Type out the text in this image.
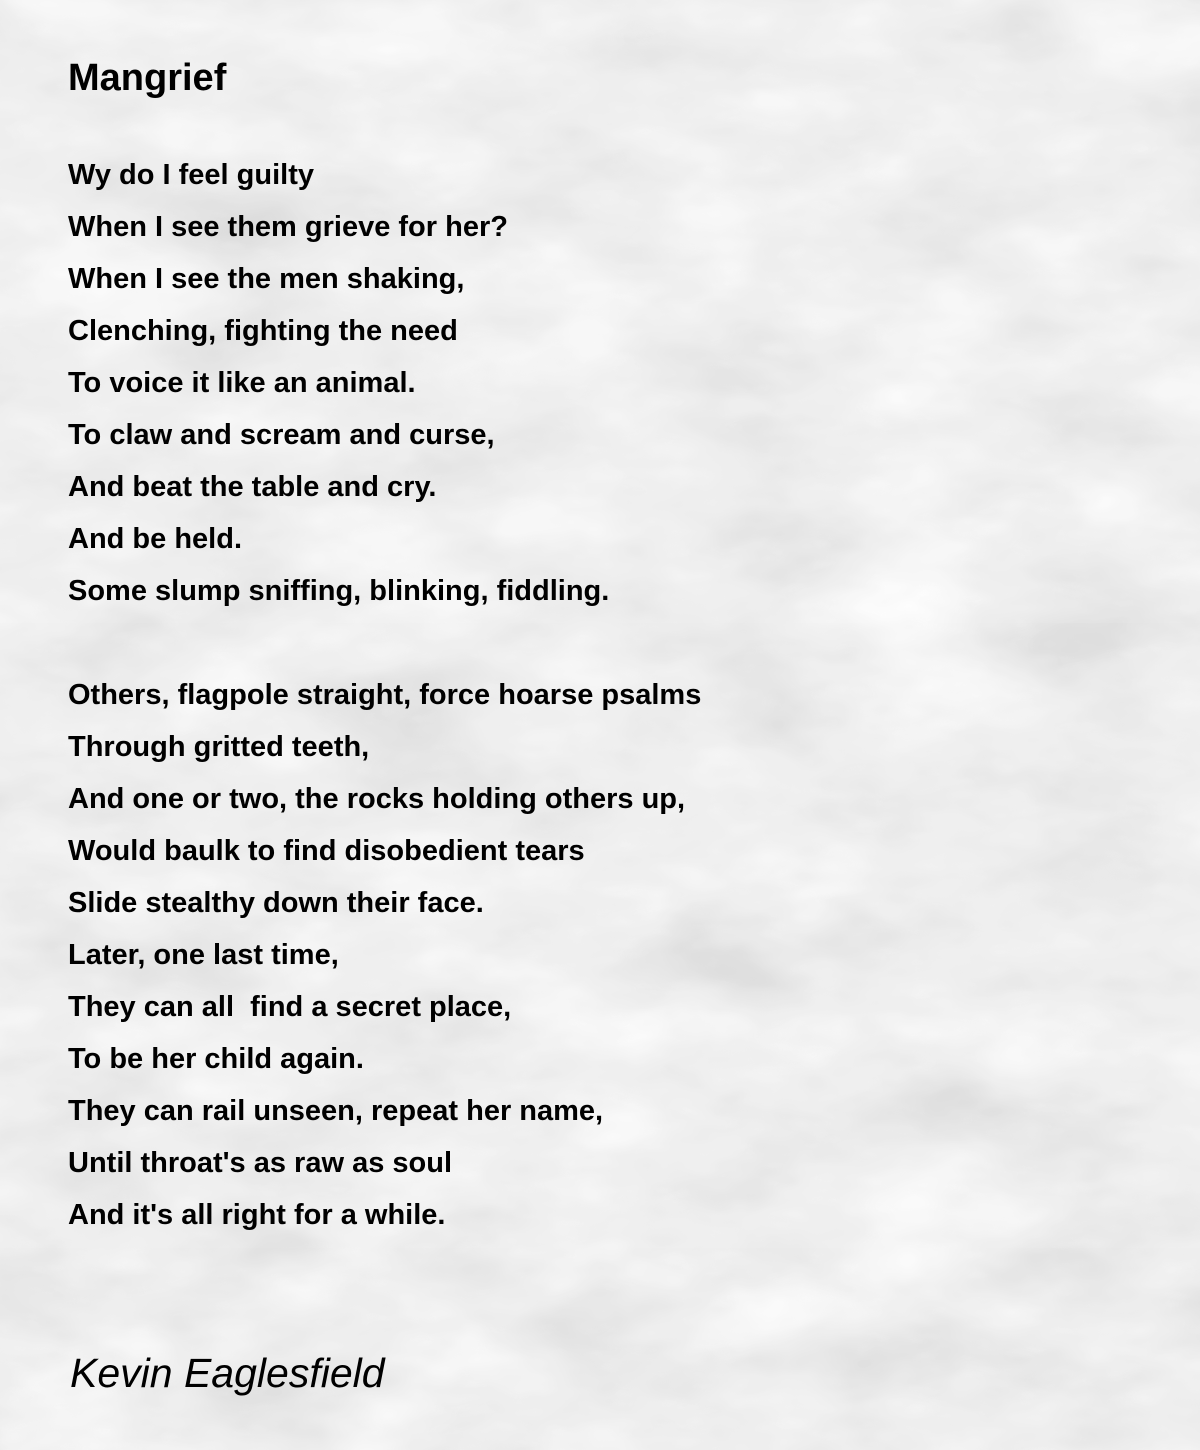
Mangrief
Wy do I feel guilty
When I see them grieve for her?
When I see the men shaking,
Clenching, fighting the need
To voice it like an animal.
To claw and scream and curse,
And beat the table and cry.
And be held.
Some slump sniffing, blinking, fiddling.
Others, flagpole straight, force hoarse psalms
Through gritted teeth,
And one or two, the rocks holding others up,
Would baulk to find disobedient tears
Slide stealthy down their face.
Later, one last time,
They can all  find a secret place,
To be her child again.
They can rail unseen, repeat her name,
Until throat's as raw as soul
And it's all right for a while.

Kevin Eaglesfield
